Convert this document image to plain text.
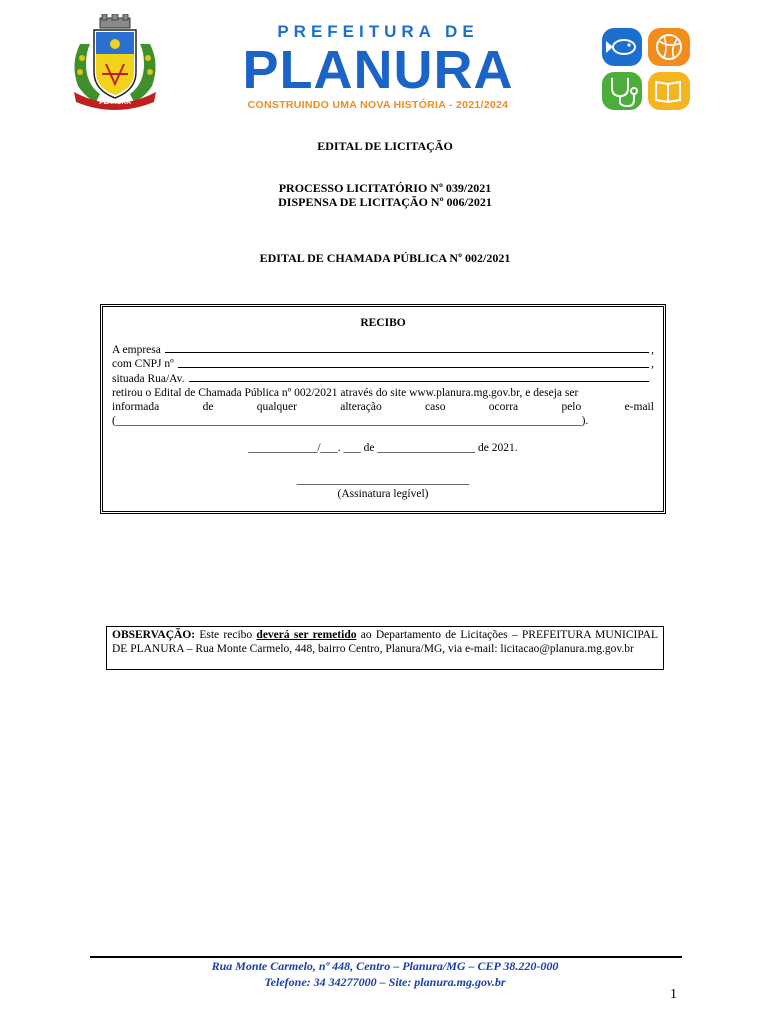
PLANURA
PREFEITURA DE
PLANURA
CONSTRUINDO UMA NOVA HISTÓRIA - 2021/2024
EDITAL DE LICITAÇÃO
PROCESSO LICITATÓRIO Nº 039/2021
DISPENSA DE LICITAÇÃO Nº 006/2021
EDITAL DE CHAMADA PÚBLICA Nº 002/2021
RECIBO
A empresa	,
com CNPJ nº	,
situada Rua/Av.

retirou o Edital de Chamada Pública nº 002/2021 através do site www.planura.mg.gov.br, e deseja ser
informada	de	qualquer	alteração	caso	ocorra	pelo	e-mail
(_________________________________________________________________________________).
____________/___. ___ de _________________ de 2021.
______________________________
(Assinatura legível)
OBSERVAÇÃO: Este recibo deverá ser remetido ao Departamento de Licitações – PREFEITURA MUNICIPAL DE PLANURA – Rua Monte Carmelo, 448, bairro Centro, Planura/MG, via e-mail: licitacao@planura.mg.gov.br
Rua Monte Carmelo, nº 448, Centro – Planura/MG – CEP 38.220-000
Telefone: 34 34277000 – Site: planura.mg.gov.br
1
